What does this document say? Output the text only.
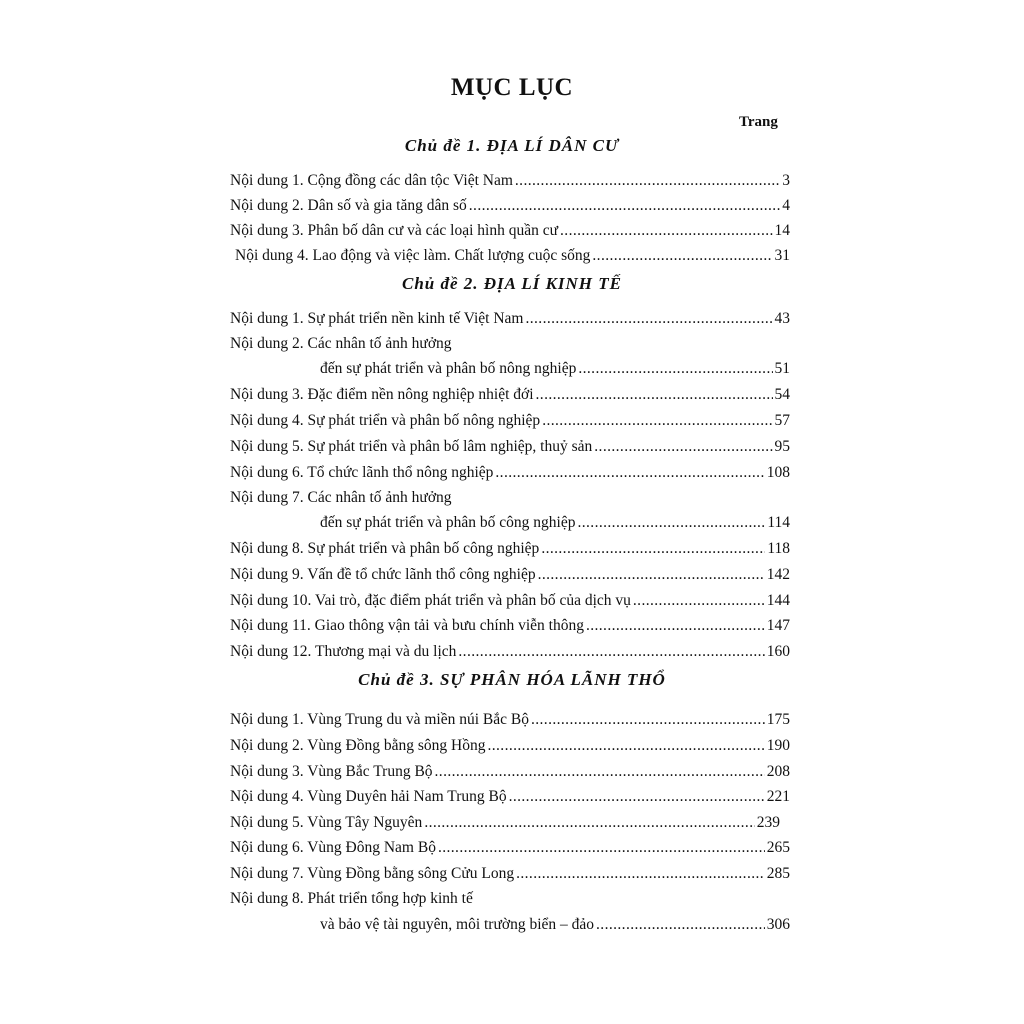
MỤC LỤC
Trang
Chủ đề 1. ĐỊA LÍ DÂN CƯ
Nội dung 1. Cộng đồng các dân tộc Việt Nam .....	3
Nội dung 2. Dân số và gia tăng dân số .....	4
Nội dung 3. Phân bố dân cư và các loại hình quần cư .....	14
Nội dung 4. Lao động và việc làm. Chất lượng cuộc sống .....	31
Chủ đề 2. ĐỊA LÍ KINH TẾ
Nội dung 1. Sự phát triển nền kinh tế Việt Nam .....	43
Nội dung 2. Các nhân tố ảnh hưởng
đến sự phát triển và phân bố nông nghiệp .....	51
Nội dung 3. Đặc điểm nền nông nghiệp nhiệt đới .....	54
Nội dung 4. Sự phát triển và phân bố nông nghiệp .....	57
Nội dung 5. Sự phát triển và phân bố lâm nghiệp, thuỷ sản .....	95
Nội dung 6. Tổ chức lãnh thổ nông nghiệp .....	108
Nội dung 7. Các nhân tố ảnh hưởng
đến sự phát triển và phân bố công nghiệp .....	114
Nội dung 8. Sự phát triển và phân bố công nghiệp .....	118
Nội dung 9. Vấn đề tổ chức lãnh thổ công nghiệp .....	142
Nội dung 10. Vai trò, đặc điểm phát triển và phân bố của dịch vụ .....	144
Nội dung 11. Giao thông vận tải và bưu chính viễn thông .....	147
Nội dung 12. Thương mại và du lịch .....	160
Chủ đề 3. SỰ PHÂN HÓA LÃNH THỔ
Nội dung 1. Vùng Trung du và miền núi Bắc Bộ .....	175
Nội dung 2. Vùng Đồng bằng sông Hồng .....	190
Nội dung 3. Vùng Bắc Trung Bộ .....	208
Nội dung 4. Vùng Duyên hải Nam Trung Bộ .....	221
Nội dung 5. Vùng Tây Nguyên .....	239
Nội dung 6. Vùng Đông Nam Bộ .....	265
Nội dung 7. Vùng Đồng bằng sông Cửu Long .....	285
Nội dung 8. Phát triển tổng hợp kinh tế
và bảo vệ tài nguyên, môi trường biển – đảo .....	306
